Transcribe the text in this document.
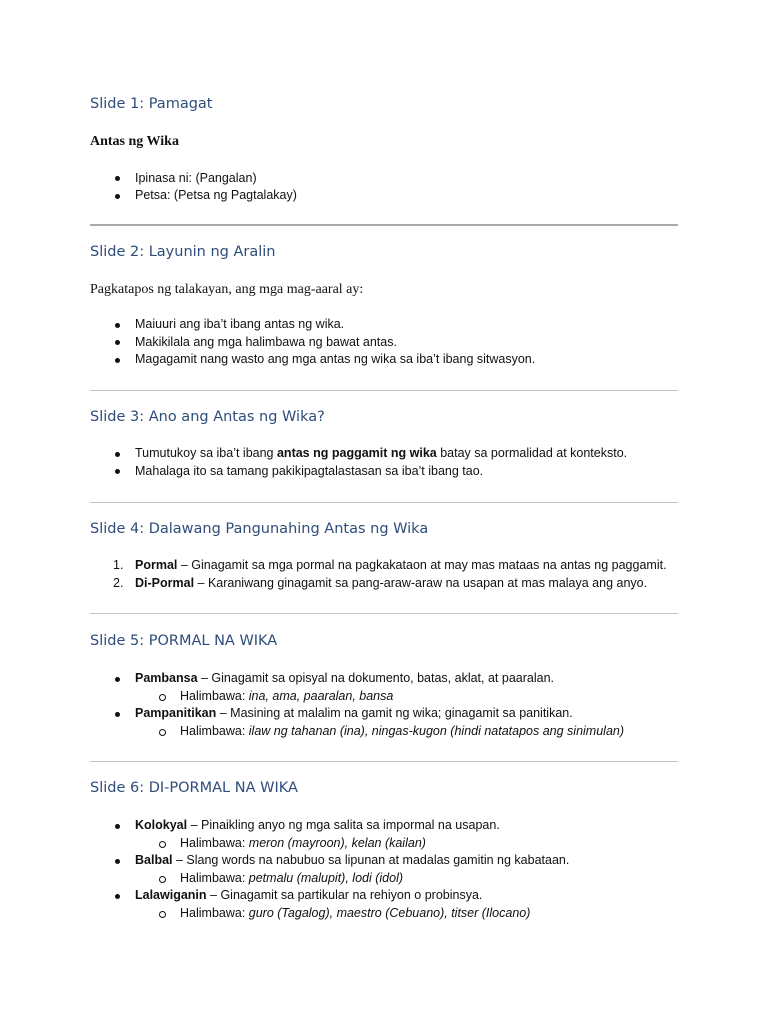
Slide 1: Pamagat
Antas ng Wika
Ipinasa ni: (Pangalan)
Petsa: (Petsa ng Pagtalakay)
Slide 2: Layunin ng Aralin
Pagkatapos ng talakayan, ang mga mag-aaral ay:
Maiuuri ang iba’t ibang antas ng wika.
Makikilala ang mga halimbawa ng bawat antas.
Magagamit nang wasto ang mga antas ng wika sa iba’t ibang sitwasyon.
Slide 3: Ano ang Antas ng Wika?
Tumutukoy sa iba’t ibang antas ng paggamit ng wika batay sa pormalidad at konteksto.
Mahalaga ito sa tamang pakikipagtalastasan sa iba’t ibang tao.
Slide 4: Dalawang Pangunahing Antas ng Wika
1. Pormal – Ginagamit sa mga pormal na pagkakataon at may mas mataas na antas ng paggamit.
2. Di-Pormal – Karaniwang ginagamit sa pang-araw-araw na usapan at mas malaya ang anyo.
Slide 5: PORMAL NA WIKA
Pambansa – Ginagamit sa opisyal na dokumento, batas, aklat, at paaralan.
Halimbawa: ina, ama, paaralan, bansa
Pampanitikan – Masining at malalim na gamit ng wika; ginagamit sa panitikan.
Halimbawa: ilaw ng tahanan (ina), ningas-kugon (hindi natatapos ang sinimulan)
Slide 6: DI-PORMAL NA WIKA
Kolokyal – Pinaikling anyo ng mga salita sa impormal na usapan.
Halimbawa: meron (mayroon), kelan (kailan)
Balbal – Slang words na nabubuo sa lipunan at madalas gamitin ng kabataan.
Halimbawa: petmalu (malupit), lodi (idol)
Lalawiganin – Ginagamit sa partikular na rehiyon o probinsya.
Halimbawa: guro (Tagalog), maestro (Cebuano), titser (Ilocano)
